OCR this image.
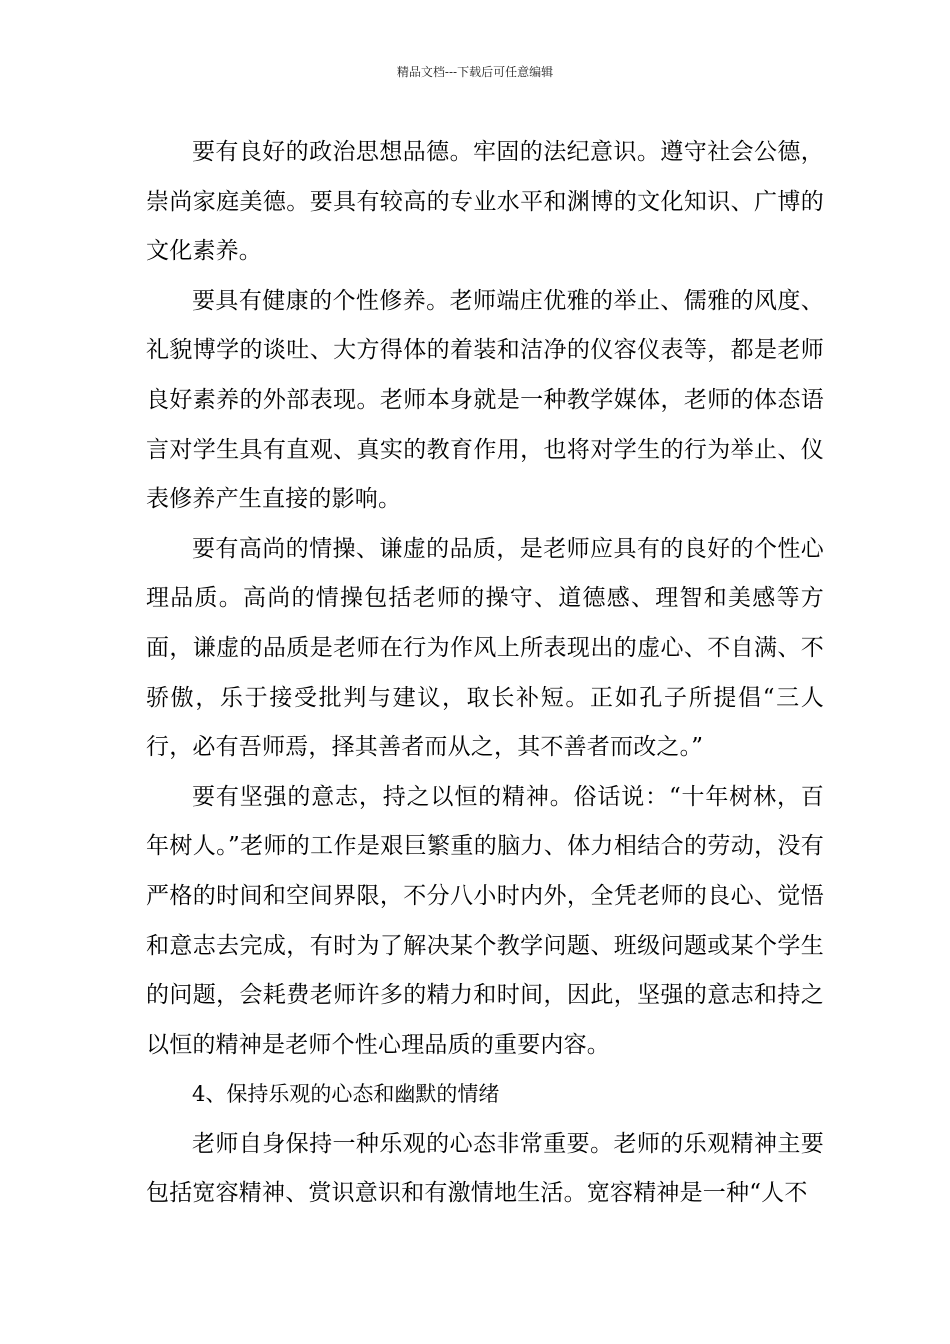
精品文档---下载后可任意编辑

要有良好的政治思想品德。牢固的法纪意识。遵守社会公德，崇尚家庭美德。要具有较高的专业水平和渊博的文化知识、广博的文化素养。

要具有健康的个性修养。老师端庄优雅的举止、儒雅的风度、礼貌博学的谈吐、大方得体的着装和洁净的仪容仪表等，都是老师良好素养的外部表现。老师本身就是一种教学媒体，老师的体态语言对学生具有直观、真实的教育作用，也将对学生的行为举止、仪表修养产生直接的影响。

要有高尚的情操、谦虚的品质，是老师应具有的良好的个性心理品质。高尚的情操包括老师的操守、道德感、理智和美感等方面，谦虚的品质是老师在行为作风上所表现出的虚心、不自满、不骄傲，乐于接受批判与建议，取长补短。正如孔子所提倡“三人行，必有吾师焉，择其善者而从之，其不善者而改之。”

要有坚强的意志，持之以恒的精神。俗话说：“十年树林，百年树人。”老师的工作是艰巨繁重的脑力、体力相结合的劳动，没有严格的时间和空间界限，不分八小时内外，全凭老师的良心、觉悟和意志去完成，有时为了解决某个教学问题、班级问题或某个学生的问题，会耗费老师许多的精力和时间，因此，坚强的意志和持之以恒的精神是老师个性心理品质的重要内容。

4、保持乐观的心态和幽默的情绪

老师自身保持一种乐观的心态非常重要。老师的乐观精神主要包括宽容精神、赏识意识和有激情地生活。宽容精神是一种“人不
